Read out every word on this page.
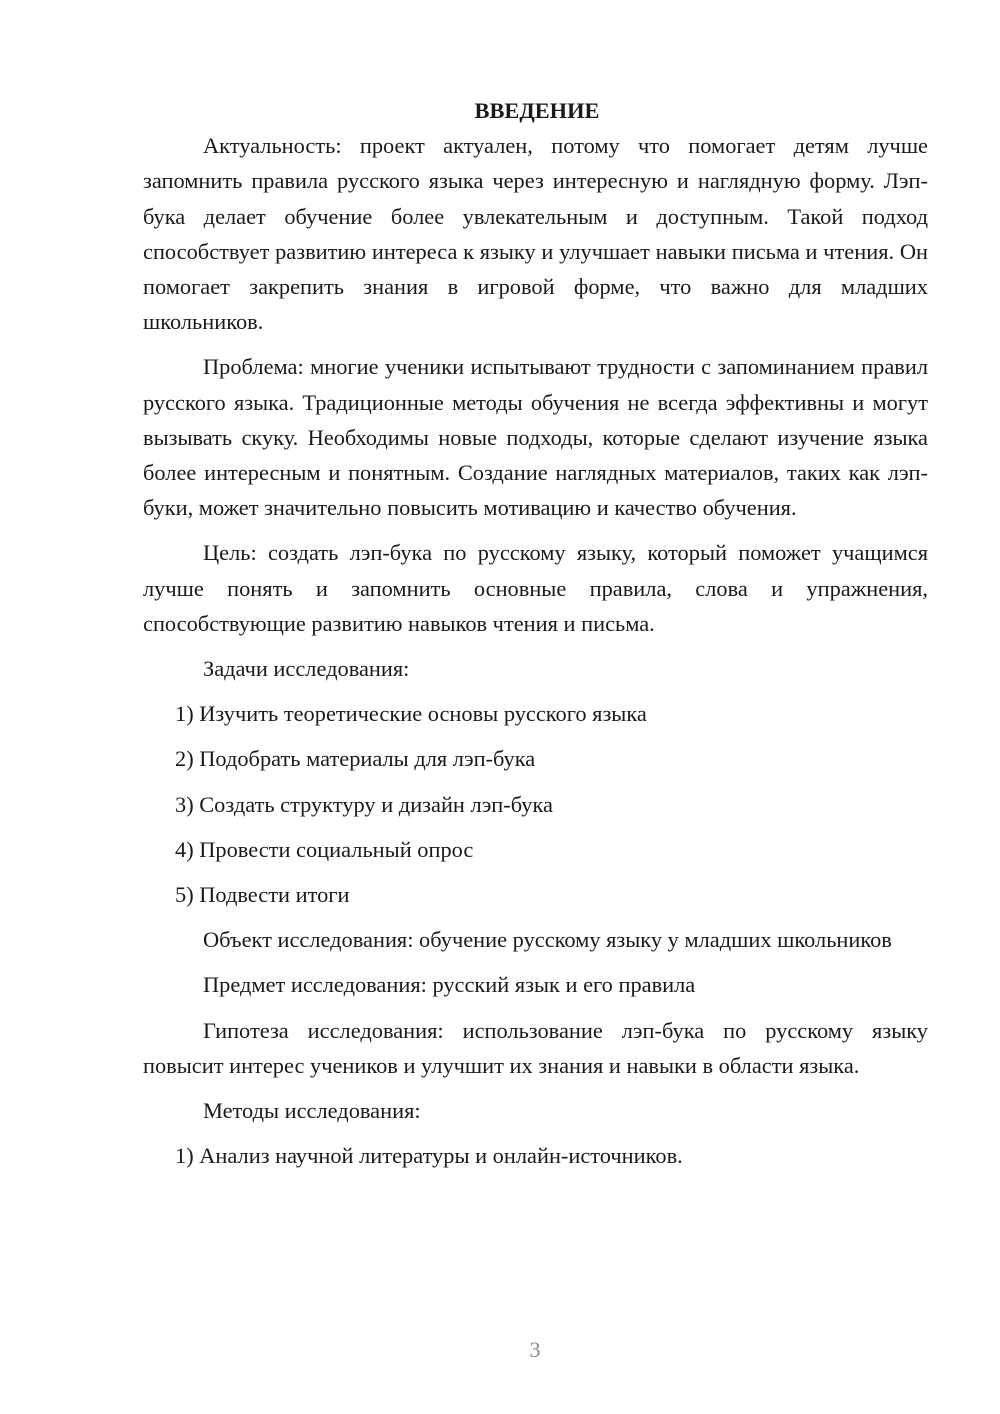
ВВЕДЕНИЕ

Актуальность: проект актуален, потому что помогает детям лучше запомнить правила русского языка через интересную и наглядную форму. Лэп-бука делает обучение более увлекательным и доступным. Такой подход способствует развитию интереса к языку и улучшает навыки письма и чтения. Он помогает закрепить знания в игровой форме, что важно для младших школьников.

Проблема: многие ученики испытывают трудности с запоминанием правил русского языка. Традиционные методы обучения не всегда эффективны и могут вызывать скуку. Необходимы новые подходы, которые сделают изучение языка более интересным и понятным. Создание наглядных материалов, таких как лэп-буки, может значительно повысить мотивацию и качество обучения.

Цель: создать лэп-бука по русскому языку, который поможет учащимся лучше понять и запомнить основные правила, слова и упражнения, способствующие развитию навыков чтения и письма.

Задачи исследования:

1) Изучить теоретические основы русского языка

2) Подобрать материалы для лэп-бука

3) Создать структуру и дизайн лэп-бука

4) Провести социальный опрос

5) Подвести итоги

Объект исследования: обучение русскому языку у младших школьников

Предмет исследования: русский язык и его правила

Гипотеза исследования: использование лэп-бука по русскому языку повысит интерес учеников и улучшит их знания и навыки в области языка.

Методы исследования:

1) Анализ научной литературы и онлайн-источников.

3
